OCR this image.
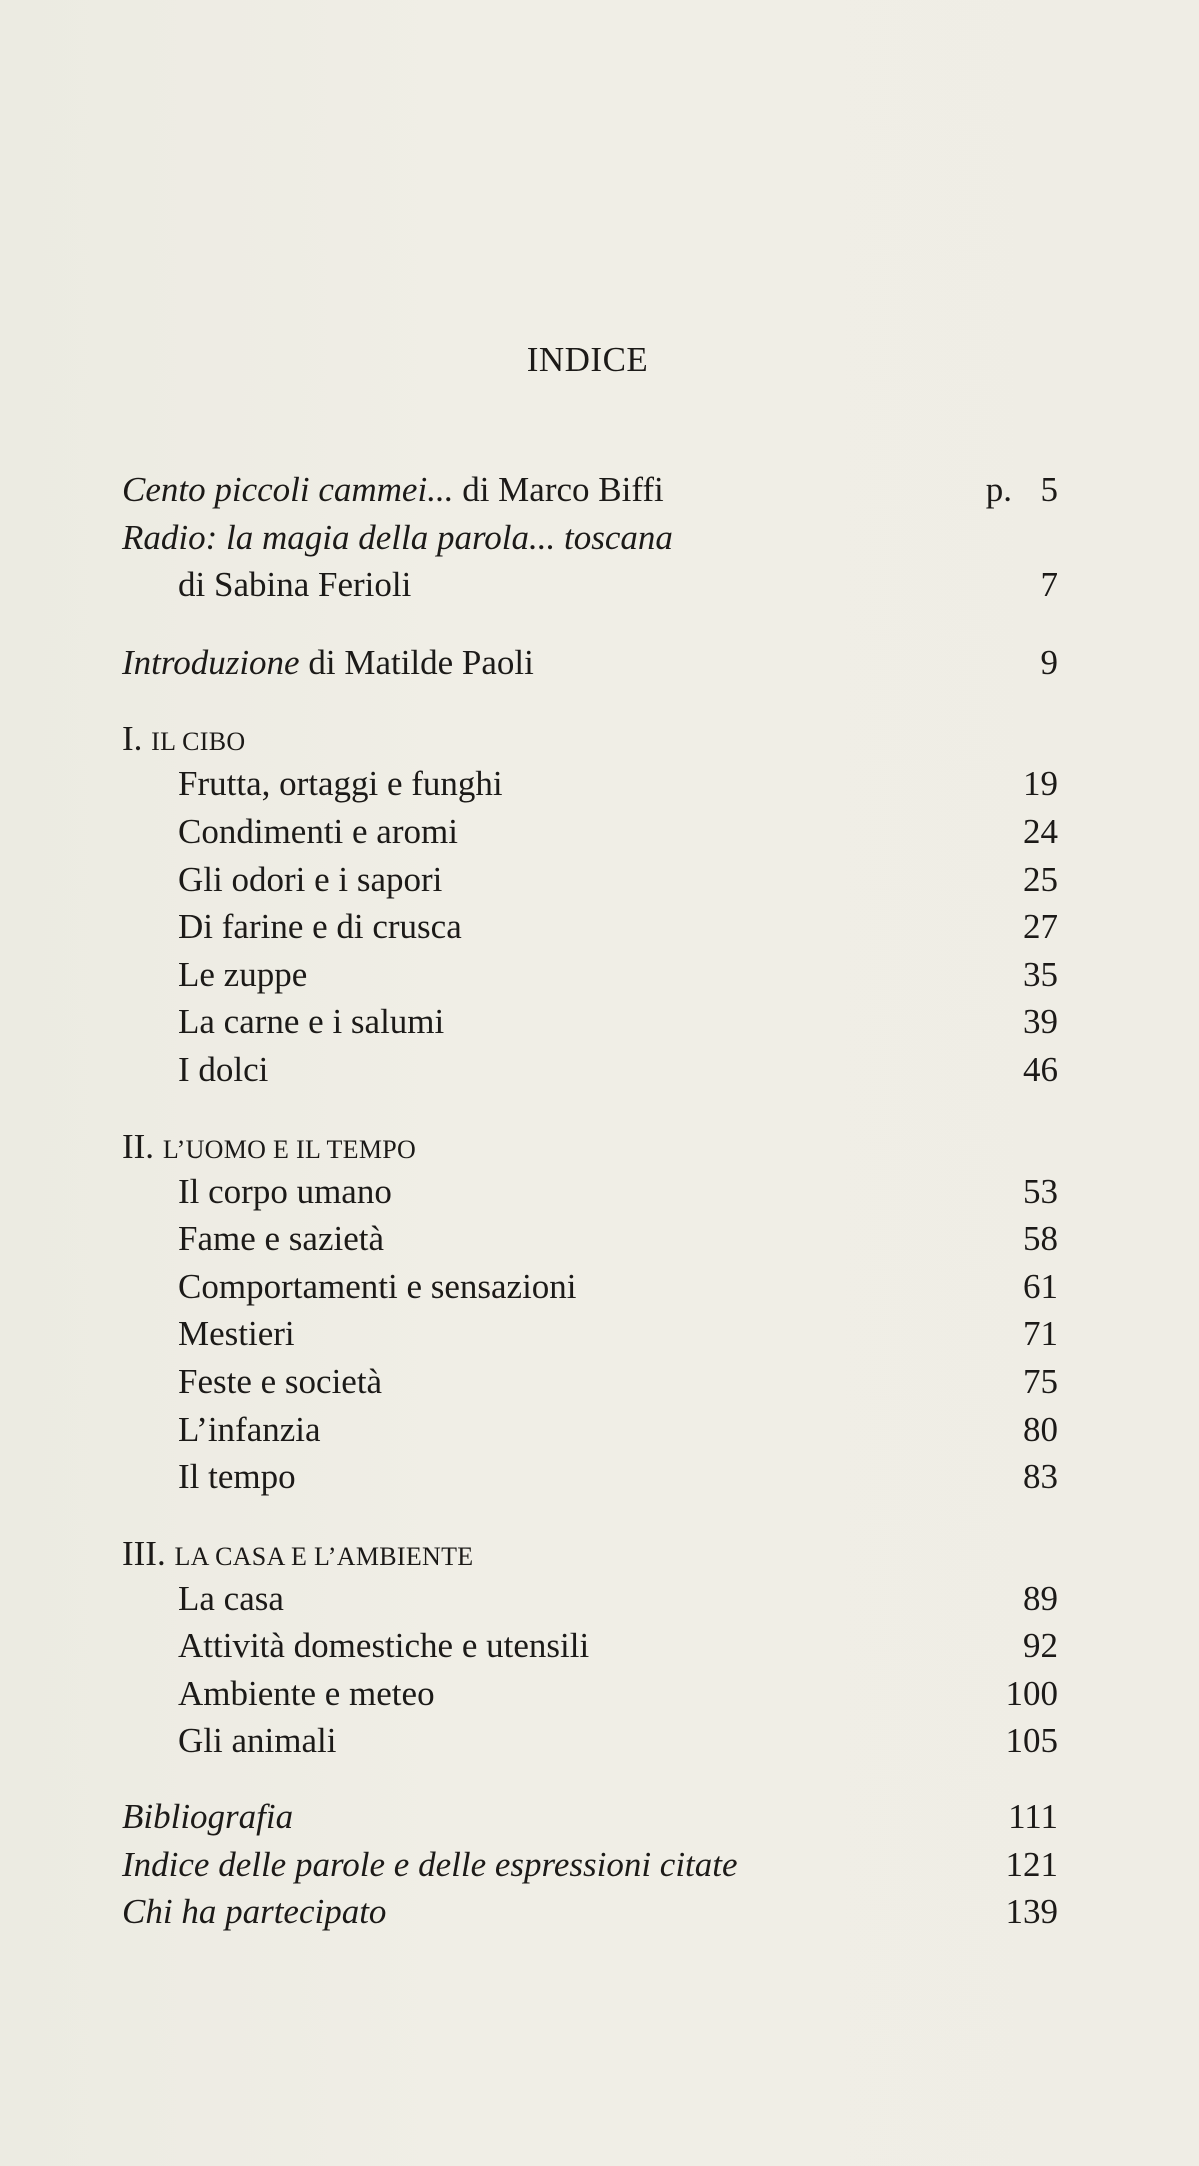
INDICE
Cento piccoli cammei... di Marco Biffi	p. 5
Radio: la magia della parola... toscana
di Sabina Ferioli	7
Introduzione di Matilde Paoli	9
I. IL CIBO
Frutta, ortaggi e funghi	19
Condimenti e aromi	24
Gli odori e i sapori	25
Di farine e di crusca	27
Le zuppe	35
La carne e i salumi	39
I dolci	46
II. L’UOMO E IL TEMPO
Il corpo umano	53
Fame e sazietà	58
Comportamenti e sensazioni	61
Mestieri	71
Feste e società	75
L’infanzia	80
Il tempo	83
III. LA CASA E L’AMBIENTE
La casa	89
Attività domestiche e utensili	92
Ambiente e meteo	100
Gli animali	105
Bibliografia	111
Indice delle parole e delle espressioni citate	121
Chi ha partecipato	139
